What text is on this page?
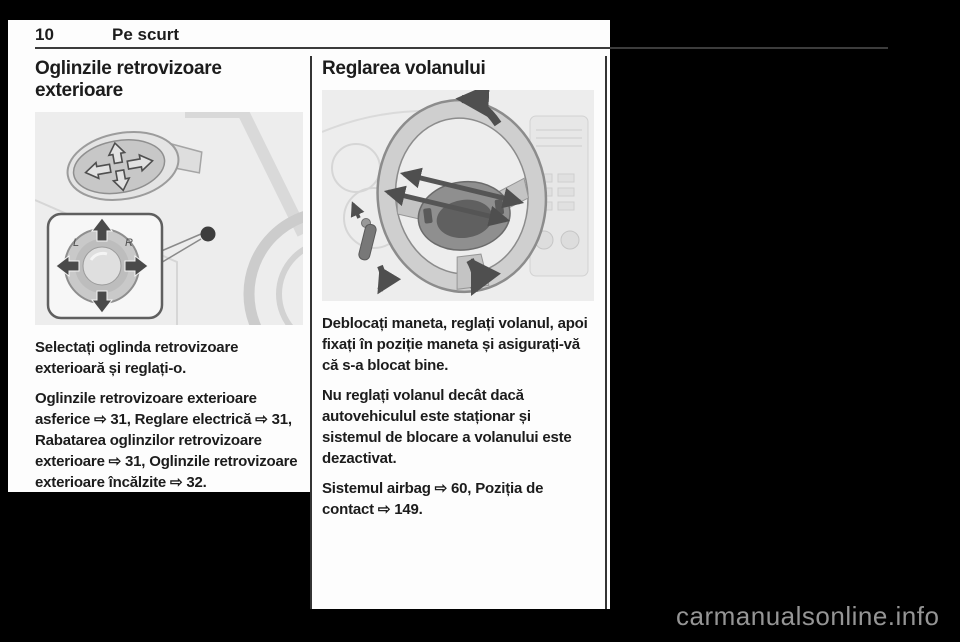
10	Pe scurt
Oglinzile retrovizoare exterioare
L	R

Selectați oglinda retrovizoare exterioară și reglați-o.

Oglinzile retrovizoare exterioare asferice ⇨ 31, Reglare electrică ⇨ 31, Rabatarea oglinzilor retrovizoare exterioare ⇨ 31, Oglinzile retrovizoare exterioare încălzite ⇨ 32.

Reglarea volanului

Deblocați maneta, reglați volanul, apoi fixați în poziție maneta și asigurați-vă că s-a blocat bine.

Nu reglați volanul decât dacă autovehiculul este staționar și sistemul de blocare a volanului este dezactivat.

Sistemul airbag ⇨ 60, Poziția de contact ⇨ 149.

carmanualsonline.info
